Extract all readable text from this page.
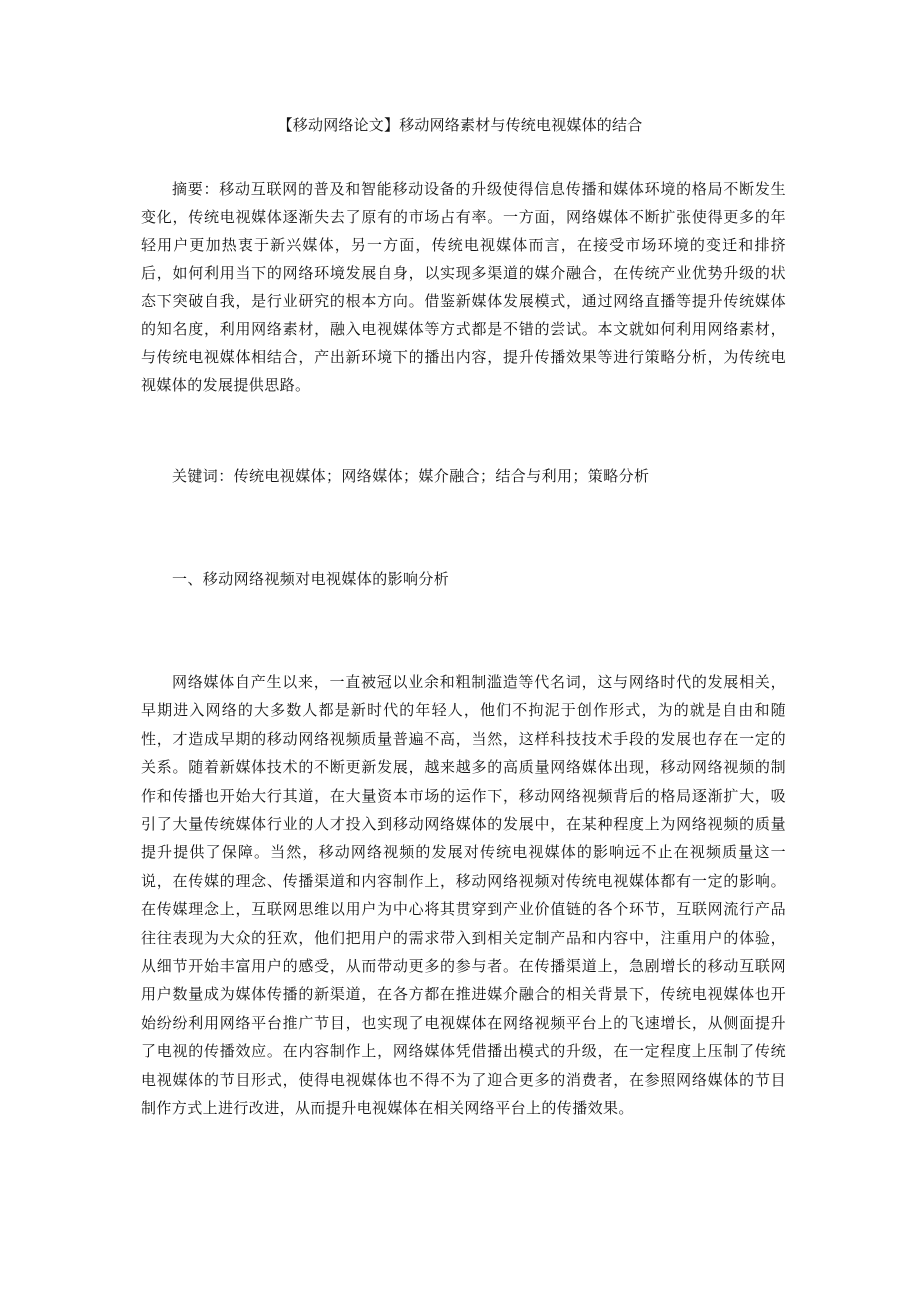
【移动网络论文】移动网络素材与传统电视媒体的结合

摘要：移动互联网的普及和智能移动设备的升级使得信息传播和媒体环境的格局不断发生变化，传统电视媒体逐渐失去了原有的市场占有率。一方面，网络媒体不断扩张使得更多的年轻用户更加热衷于新兴媒体，另一方面，传统电视媒体而言，在接受市场环境的变迁和排挤后，如何利用当下的网络环境发展自身，以实现多渠道的媒介融合，在传统产业优势升级的状态下突破自我，是行业研究的根本方向。借鉴新媒体发展模式，通过网络直播等提升传统媒体的知名度，利用网络素材，融入电视媒体等方式都是不错的尝试。本文就如何利用网络素材，与传统电视媒体相结合，产出新环境下的播出内容，提升传播效果等进行策略分析，为传统电视媒体的发展提供思路。

关键词：传统电视媒体；网络媒体；媒介融合；结合与利用；策略分析

一、移动网络视频对电视媒体的影响分析

网络媒体自产生以来，一直被冠以业余和粗制滥造等代名词，这与网络时代的发展相关，早期进入网络的大多数人都是新时代的年轻人，他们不拘泥于创作形式，为的就是自由和随性，才造成早期的移动网络视频质量普遍不高，当然，这样科技技术手段的发展也存在一定的关系。随着新媒体技术的不断更新发展，越来越多的高质量网络媒体出现，移动网络视频的制作和传播也开始大行其道，在大量资本市场的运作下，移动网络视频背后的格局逐渐扩大，吸引了大量传统媒体行业的人才投入到移动网络媒体的发展中，在某种程度上为网络视频的质量提升提供了保障。当然，移动网络视频的发展对传统电视媒体的影响远不止在视频质量这一说，在传媒的理念、传播渠道和内容制作上，移动网络视频对传统电视媒体都有一定的影响。在传媒理念上，互联网思维以用户为中心将其贯穿到产业价值链的各个环节，互联网流行产品往往表现为大众的狂欢，他们把用户的需求带入到相关定制产品和内容中，注重用户的体验，从细节开始丰富用户的感受，从而带动更多的参与者。在传播渠道上，急剧增长的移动互联网用户数量成为媒体传播的新渠道，在各方都在推进媒介融合的相关背景下，传统电视媒体也开始纷纷利用网络平台推广节目，也实现了电视媒体在网络视频平台上的飞速增长，从侧面提升了电视的传播效应。在内容制作上，网络媒体凭借播出模式的升级，在一定程度上压制了传统电视媒体的节目形式，使得电视媒体也不得不为了迎合更多的消费者，在参照网络媒体的节目制作方式上进行改进，从而提升电视媒体在相关网络平台上的传播效果。
